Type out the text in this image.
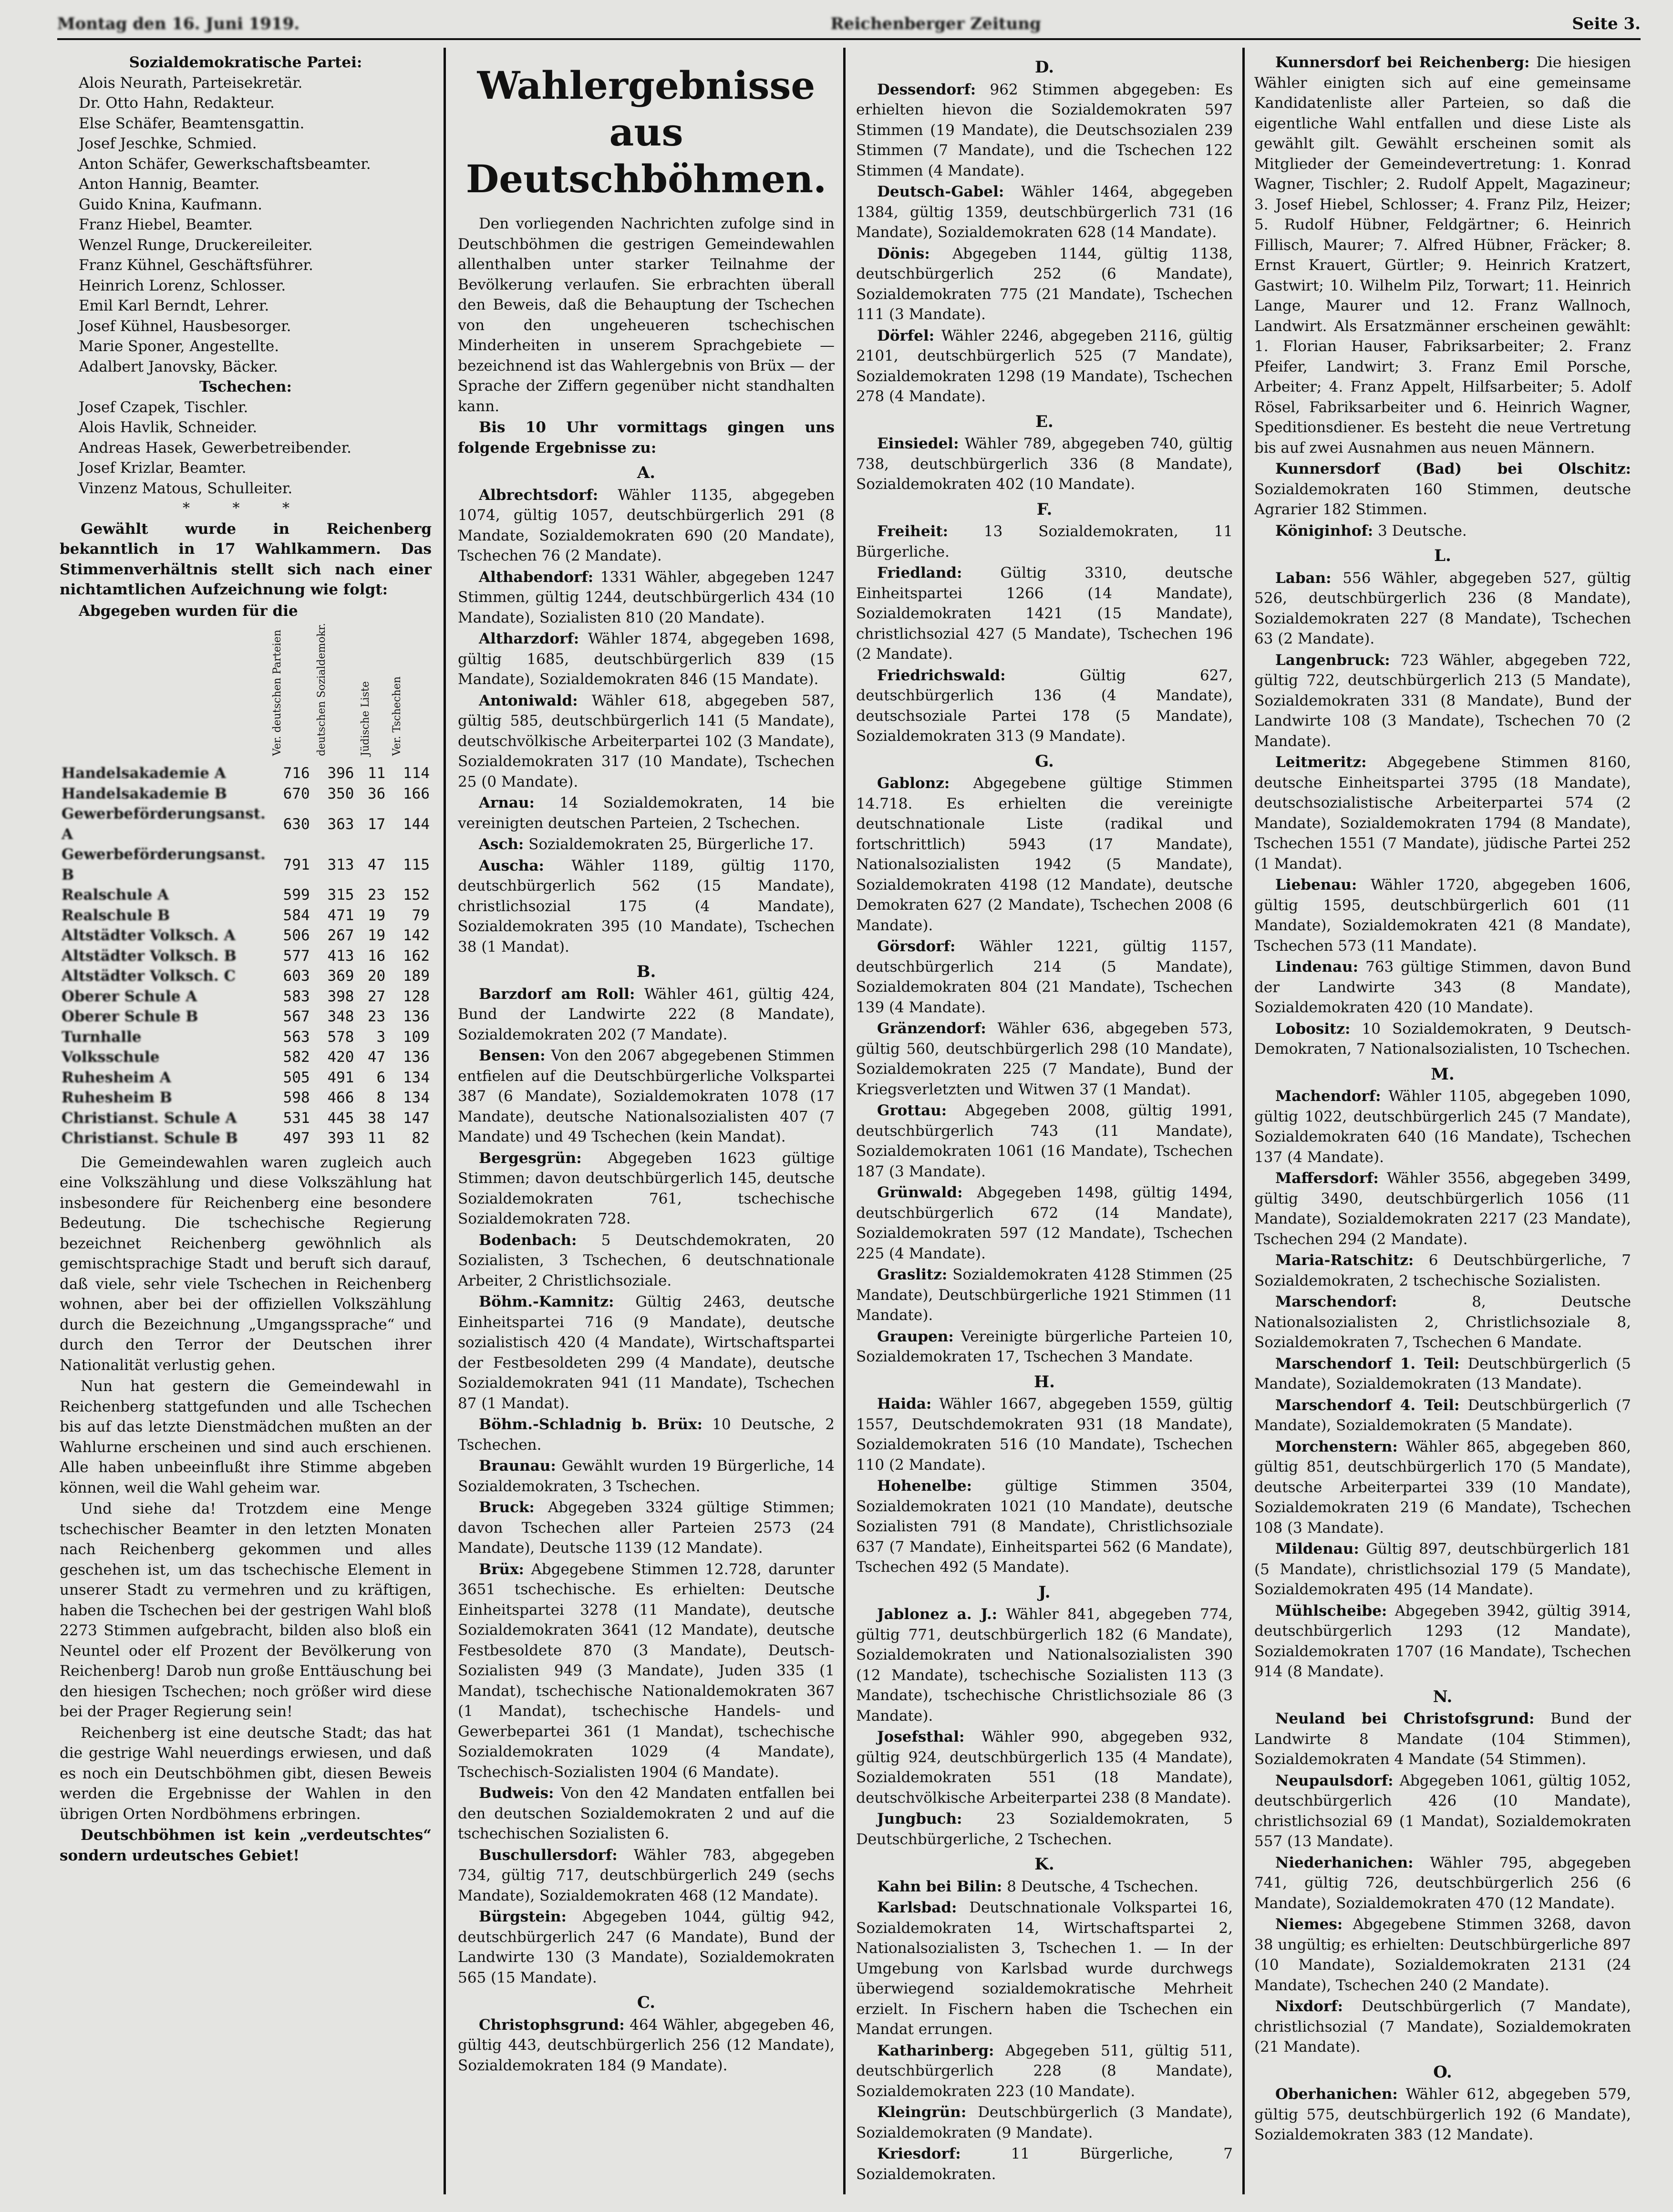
Montag den 16. Juni 1919.	Reichenberger Zeitung	Seite 3.
Sozialdemokratische Partei:
Alois Neurath, Parteisekretär.
Dr. Otto Hahn, Redakteur.
Else Schäfer, Beamtensgattin.
Josef Jeschke, Schmied.
Anton Schäfer, Gewerkschaftsbeamter.
Anton Hannig, Beamter.
Guido Knina, Kaufmann.
Franz Hiebel, Beamter.
Wenzel Runge, Druckereileiter.
Franz Kühnel, Geschäftsführer.
Heinrich Lorenz, Schlosser.
Emil Karl Berndt, Lehrer.
Josef Kühnel, Hausbesorger.
Marie Sponer, Angestellte.
Adalbert Janovsky, Bäcker.
Tschechen:
Josef Czapek, Tischler.
Alois Havlik, Schneider.
Andreas Hasek, Gewerbetreibender.
Josef Krizlar, Beamter.
Vinzenz Matous, Schulleiter.
* * *

Gewählt wurde in Reichenberg bekanntlich in 17 Wahlkammern. Das Stimmenverhältnis stellt sich nach einer nichtamtlichen Aufzeichnung wie folgt:

Abgegeben wurden für die

	Ver. deutschen Parteien	deutschen Sozialdemokr.	Jüdische Liste	Ver. Tschechen
Handelsakademie A	716	396	11	114
Handelsakademie B	670	350	36	166
Gewerbeförderungsanst. A	630	363	17	144
Gewerbeförderungsanst. B	791	313	47	115
Realschule A	599	315	23	152
Realschule B	584	471	19	79
Altstädter Volksch. A	506	267	19	142
Altstädter Volksch. B	577	413	16	162
Altstädter Volksch. C	603	369	20	189
Oberer Schule A	583	398	27	128
Oberer Schule B	567	348	23	136
Turnhalle	563	578	3	109
Volksschule	582	420	47	136
Ruhesheim A	505	491	6	134
Ruhesheim B	598	466	8	134
Christianst. Schule A	531	445	38	147
Christianst. Schule B	497	393	11	82

Die Gemeindewahlen waren zugleich auch eine Volkszählung und diese Volkszählung hat insbesondere für Reichenberg eine besondere Bedeutung. Die tschechische Regierung bezeichnet Reichenberg gewöhnlich als gemischtsprachige Stadt und beruft sich darauf, daß viele, sehr viele Tschechen in Reichenberg wohnen, aber bei der offiziellen Volkszählung durch die Bezeichnung „Umgangssprache“ und durch den Terror der Deutschen ihrer Nationalität verlustig gehen.

Nun hat gestern die Gemeindewahl in Reichenberg stattgefunden und alle Tschechen bis auf das letzte Dienstmädchen mußten an der Wahlurne erscheinen und sind auch erschienen. Alle haben unbeeinflußt ihre Stimme abgeben können, weil die Wahl geheim war.

Und siehe da! Trotzdem eine Menge tschechischer Beamter in den letzten Monaten nach Reichenberg gekommen und alles geschehen ist, um das tschechische Element in unserer Stadt zu vermehren und zu kräftigen, haben die Tschechen bei der gestrigen Wahl bloß 2273 Stimmen aufgebracht, bilden also bloß ein Neuntel oder elf Prozent der Bevölkerung von Reichenberg! Darob nun große Enttäuschung bei den hiesigen Tschechen; noch größer wird diese bei der Prager Regierung sein!

Reichenberg ist eine deutsche Stadt; das hat die gestrige Wahl neuerdings erwiesen, und daß es noch ein Deutschböhmen gibt, diesen Beweis werden die Ergebnisse der Wahlen in den übrigen Orten Nordböhmens erbringen.

Deutschböhmen ist kein „verdeutschtes“ sondern urdeutsches Gebiet!

Wahlergebnisse aus Deutschböhmen.

Den vorliegenden Nachrichten zufolge sind in Deutschböhmen die gestrigen Gemeindewahlen allenthalben unter starker Teilnahme der Bevölkerung verlaufen. Sie erbrachten überall den Beweis, daß die Behauptung der Tschechen von den ungeheueren tschechischen Minderheiten in unserem Sprachgebiete — bezeichnend ist das Wahlergebnis von Brüx — der Sprache der Ziffern gegenüber nicht standhalten kann.

Bis 10 Uhr vormittags gingen uns folgende Ergebnisse zu:

A.

Albrechtsdorf: Wähler 1135, abgegeben 1074, gültig 1057, deutschbürgerlich 291 (8 Mandate, Sozialdemokraten 690 (20 Mandate), Tschechen 76 (2 Mandate).

Althabendorf: 1331 Wähler, abgegeben 1247 Stimmen, gültig 1244, deutschbürgerlich 434 (10 Mandate), Sozialisten 810 (20 Mandate).

Altharzdorf: Wähler 1874, abgegeben 1698, gültig 1685, deutschbürgerlich 839 (15 Mandate), Sozialdemokraten 846 (15 Mandate).

Antoniwald: Wähler 618, abgegeben 587, gültig 585, deutschbürgerlich 141 (5 Mandate), deutschvölkische Arbeiterpartei 102 (3 Mandate), Sozialdemokraten 317 (10 Mandate), Tschechen 25 (0 Mandate).

Arnau: 14 Sozialdemokraten, 14 bie vereinigten deutschen Parteien, 2 Tschechen.

Asch: Sozialdemokraten 25, Bürgerliche 17.

Auscha: Wähler 1189, gültig 1170, deutschbürgerlich 562 (15 Mandate), christlichsozial 175 (4 Mandate), Sozialdemokraten 395 (10 Mandate), Tschechen 38 (1 Mandat).

B.

Barzdorf am Roll: Wähler 461, gültig 424, Bund der Landwirte 222 (8 Mandate), Sozialdemokraten 202 (7 Mandate).

Bensen: Von den 2067 abgegebenen Stimmen entfielen auf die Deutschbürgerliche Volkspartei 387 (6 Mandate), Sozialdemokraten 1078 (17 Mandate), deutsche Nationalsozialisten 407 (7 Mandate) und 49 Tschechen (kein Mandat).

Bergesgrün: Abgegeben 1623 gültige Stimmen; davon deutschbürgerlich 145, deutsche Sozialdemokraten 761, tschechische Sozialdemokraten 728.

Bodenbach: 5 Deutschdemokraten, 20 Sozialisten, 3 Tschechen, 6 deutschnationale Arbeiter, 2 Christlichsoziale.

Böhm.-Kamnitz: Gültig 2463, deutsche Einheitspartei 716 (9 Mandate), deutsche sozialistisch 420 (4 Mandate), Wirtschaftspartei der Festbesoldeten 299 (4 Mandate), deutsche Sozialdemokraten 941 (11 Mandate), Tschechen 87 (1 Mandat).

Böhm.-Schladnig b. Brüx: 10 Deutsche, 2 Tschechen.

Braunau: Gewählt wurden 19 Bürgerliche, 14 Sozialdemokraten, 3 Tschechen.

Bruck: Abgegeben 3324 gültige Stimmen; davon Tschechen aller Parteien 2573 (24 Mandate), Deutsche 1139 (12 Mandate).

Brüx: Abgegebene Stimmen 12.728, darunter 3651 tschechische. Es erhielten: Deutsche Einheitspartei 3278 (11 Mandate), deutsche Sozialdemokraten 3641 (12 Mandate), deutsche Festbesoldete 870 (3 Mandate), Deutsch-Sozialisten 949 (3 Mandate), Juden 335 (1 Mandat), tschechische Nationaldemokraten 367 (1 Mandat), tschechische Handels- und Gewerbepartei 361 (1 Mandat), tschechische Sozialdemokraten 1029 (4 Mandate), Tschechisch-Sozialisten 1904 (6 Mandate).

Budweis: Von den 42 Mandaten entfallen bei den deutschen Sozialdemokraten 2 und auf die tschechischen Sozialisten 6.

Buschullersdorf: Wähler 783, abgegeben 734, gültig 717, deutschbürgerlich 249 (sechs Mandate), Sozialdemokraten 468 (12 Mandate).

Bürgstein: Abgegeben 1044, gültig 942, deutschbürgerlich 247 (6 Mandate), Bund der Landwirte 130 (3 Mandate), Sozialdemokraten 565 (15 Mandate).

C.

Christophsgrund: 464 Wähler, abgegeben 46, gültig 443, deutschbürgerlich 256 (12 Mandate), Sozialdemokraten 184 (9 Mandate).

D.

Dessendorf: 962 Stimmen abgegeben: Es erhielten hievon die Sozialdemokraten 597 Stimmen (19 Mandate), die Deutschsozialen 239 Stimmen (7 Mandate), und die Tschechen 122 Stimmen (4 Mandate).

Deutsch-Gabel: Wähler 1464, abgegeben 1384, gültig 1359, deutschbürgerlich 731 (16 Mandate), Sozialdemokraten 628 (14 Mandate).

Dönis: Abgegeben 1144, gültig 1138, deutschbürgerlich 252 (6 Mandate), Sozialdemokraten 775 (21 Mandate), Tschechen 111 (3 Mandate).

Dörfel: Wähler 2246, abgegeben 2116, gültig 2101, deutschbürgerlich 525 (7 Mandate), Sozialdemokraten 1298 (19 Mandate), Tschechen 278 (4 Mandate).

E.

Einsiedel: Wähler 789, abgegeben 740, gültig 738, deutschbürgerlich 336 (8 Mandate), Sozialdemokraten 402 (10 Mandate).

F.

Freiheit: 13 Sozialdemokraten, 11 Bürgerliche.

Friedland: Gültig 3310, deutsche Einheitspartei 1266 (14 Mandate), Sozialdemokraten 1421 (15 Mandate), christlichsozial 427 (5 Mandate), Tschechen 196 (2 Mandate).

Friedrichswald: Gültig 627, deutschbürgerlich 136 (4 Mandate), deutschsoziale Partei 178 (5 Mandate), Sozialdemokraten 313 (9 Mandate).

G.

Gablonz: Abgegebene gültige Stimmen 14.718. Es erhielten die vereinigte deutschnationale Liste (radikal und fortschrittlich) 5943 (17 Mandate), Nationalsozialisten 1942 (5 Mandate), Sozialdemokraten 4198 (12 Mandate), deutsche Demokraten 627 (2 Mandate), Tschechen 2008 (6 Mandate).

Görsdorf: Wähler 1221, gültig 1157, deutschbürgerlich 214 (5 Mandate), Sozialdemokraten 804 (21 Mandate), Tschechen 139 (4 Mandate).

Gränzendorf: Wähler 636, abgegeben 573, gültig 560, deutschbürgerlich 298 (10 Mandate), Sozialdemokraten 225 (7 Mandate), Bund der Kriegsverletzten und Witwen 37 (1 Mandat).

Grottau: Abgegeben 2008, gültig 1991, deutschbürgerlich 743 (11 Mandate), Sozialdemokraten 1061 (16 Mandate), Tschechen 187 (3 Mandate).

Grünwald: Abgegeben 1498, gültig 1494, deutschbürgerlich 672 (14 Mandate), Sozialdemokraten 597 (12 Mandate), Tschechen 225 (4 Mandate).

Graslitz: Sozialdemokraten 4128 Stimmen (25 Mandate), Deutschbürgerliche 1921 Stimmen (11 Mandate).

Graupen: Vereinigte bürgerliche Parteien 10, Sozialdemokraten 17, Tschechen 3 Mandate.

H.

Haida: Wähler 1667, abgegeben 1559, gültig 1557, Deutschdemokraten 931 (18 Mandate), Sozialdemokraten 516 (10 Mandate), Tschechen 110 (2 Mandate).

Hohenelbe: gültige Stimmen 3504, Sozialdemokraten 1021 (10 Mandate), deutsche Sozialisten 791 (8 Mandate), Christlichsoziale 637 (7 Mandate), Einheitspartei 562 (6 Mandate), Tschechen 492 (5 Mandate).

J.

Jablonez a. J.: Wähler 841, abgegeben 774, gültig 771, deutschbürgerlich 182 (6 Mandate), Sozialdemokraten und Nationalsozialisten 390 (12 Mandate), tschechische Sozialisten 113 (3 Mandate), tschechische Christlichsoziale 86 (3 Mandate).

Josefsthal: Wähler 990, abgegeben 932, gültig 924, deutschbürgerlich 135 (4 Mandate), Sozialdemokraten 551 (18 Mandate), deutschvölkische Arbeiterpartei 238 (8 Mandate).

Jungbuch: 23 Sozialdemokraten, 5 Deutschbürgerliche, 2 Tschechen.

K.

Kahn bei Bilin: 8 Deutsche, 4 Tschechen.

Karlsbad: Deutschnationale Volkspartei 16, Sozialdemokraten 14, Wirtschaftspartei 2, Nationalsozialisten 3, Tschechen 1. — In der Umgebung von Karlsbad wurde durchwegs überwiegend sozialdemokratische Mehrheit erzielt. In Fischern haben die Tschechen ein Mandat errungen.

Katharinberg: Abgegeben 511, gültig 511, deutschbürgerlich 228 (8 Mandate), Sozialdemokraten 223 (10 Mandate).

Kleingrün: Deutschbürgerlich (3 Mandate), Sozialdemokraten (9 Mandate).

Kriesdorf: 11 Bürgerliche, 7 Sozialdemokraten.

Kunnersdorf bei Reichenberg: Die hiesigen Wähler einigten sich auf eine gemeinsame Kandidatenliste aller Parteien, so daß die eigentliche Wahl entfallen und diese Liste als gewählt gilt. Gewählt erscheinen somit als Mitglieder der Gemeindevertretung: 1. Konrad Wagner, Tischler; 2. Rudolf Appelt, Magazineur; 3. Josef Hiebel, Schlosser; 4. Franz Pilz, Heizer; 5. Rudolf Hübner, Feldgärtner; 6. Heinrich Fillisch, Maurer; 7. Alfred Hübner, Fräcker; 8. Ernst Krauert, Gürtler; 9. Heinrich Kratzert, Gastwirt; 10. Wilhelm Pilz, Torwart; 11. Heinrich Lange, Maurer und 12. Franz Wallnoch, Landwirt. Als Ersatzmänner erscheinen gewählt: 1. Florian Hauser, Fabriksarbeiter; 2. Franz Pfeifer, Landwirt; 3. Franz Emil Porsche, Arbeiter; 4. Franz Appelt, Hilfsarbeiter; 5. Adolf Rösel, Fabriksarbeiter und 6. Heinrich Wagner, Speditionsdiener. Es besteht die neue Vertretung bis auf zwei Ausnahmen aus neuen Männern.

Kunnersdorf (Bad) bei Olschitz: Sozialdemokraten 160 Stimmen, deutsche Agrarier 182 Stimmen.

Königinhof: 3 Deutsche.

L.

Laban: 556 Wähler, abgegeben 527, gültig 526, deutschbürgerlich 236 (8 Mandate), Sozialdemokraten 227 (8 Mandate), Tschechen 63 (2 Mandate).

Langenbruck: 723 Wähler, abgegeben 722, gültig 722, deutschbürgerlich 213 (5 Mandate), Sozialdemokraten 331 (8 Mandate), Bund der Landwirte 108 (3 Mandate), Tschechen 70 (2 Mandate).

Leitmeritz: Abgegebene Stimmen 8160, deutsche Einheitspartei 3795 (18 Mandate), deutschsozialistische Arbeiterpartei 574 (2 Mandate), Sozialdemokraten 1794 (8 Mandate), Tschechen 1551 (7 Mandate), jüdische Partei 252 (1 Mandat).

Liebenau: Wähler 1720, abgegeben 1606, gültig 1595, deutschbürgerlich 601 (11 Mandate), Sozialdemokraten 421 (8 Mandate), Tschechen 573 (11 Mandate).

Lindenau: 763 gültige Stimmen, davon Bund der Landwirte 343 (8 Mandate), Sozialdemokraten 420 (10 Mandate).

Lobositz: 10 Sozialdemokraten, 9 Deutsch-Demokraten, 7 Nationalsozialisten, 10 Tschechen.

M.

Machendorf: Wähler 1105, abgegeben 1090, gültig 1022, deutschbürgerlich 245 (7 Mandate), Sozialdemokraten 640 (16 Mandate), Tschechen 137 (4 Mandate).

Maffersdorf: Wähler 3556, abgegeben 3499, gültig 3490, deutschbürgerlich 1056 (11 Mandate), Sozialdemokraten 2217 (23 Mandate), Tschechen 294 (2 Mandate).

Maria-Ratschitz: 6 Deutschbürgerliche, 7 Sozialdemokraten, 2 tschechische Sozialisten.

Marschendorf: 8, Deutsche Nationalsozialisten 2, Christlichsoziale 8, Sozialdemokraten 7, Tschechen 6 Mandate.

Marschendorf 1. Teil: Deutschbürgerlich (5 Mandate), Sozialdemokraten (13 Mandate).

Marschendorf 4. Teil: Deutschbürgerlich (7 Mandate), Sozialdemokraten (5 Mandate).

Morchenstern: Wähler 865, abgegeben 860, gültig 851, deutschbürgerlich 170 (5 Mandate), deutsche Arbeiterpartei 339 (10 Mandate), Sozialdemokraten 219 (6 Mandate), Tschechen 108 (3 Mandate).

Mildenau: Gültig 897, deutschbürgerlich 181 (5 Mandate), christlichsozial 179 (5 Mandate), Sozialdemokraten 495 (14 Mandate).

Mühlscheibe: Abgegeben 3942, gültig 3914, deutschbürgerlich 1293 (12 Mandate), Sozialdemokraten 1707 (16 Mandate), Tschechen 914 (8 Mandate).

N.

Neuland bei Christofsgrund: Bund der Landwirte 8 Mandate (104 Stimmen), Sozialdemokraten 4 Mandate (54 Stimmen).

Neupaulsdorf: Abgegeben 1061, gültig 1052, deutschbürgerlich 426 (10 Mandate), christlichsozial 69 (1 Mandat), Sozialdemokraten 557 (13 Mandate).

Niederhanichen: Wähler 795, abgegeben 741, gültig 726, deutschbürgerlich 256 (6 Mandate), Sozialdemokraten 470 (12 Mandate).

Niemes: Abgegebene Stimmen 3268, davon 38 ungültig; es erhielten: Deutschbürgerliche 897 (10 Mandate), Sozialdemokraten 2131 (24 Mandate), Tschechen 240 (2 Mandate).

Nixdorf: Deutschbürgerlich (7 Mandate), christlichsozial (7 Mandate), Sozialdemokraten (21 Mandate).

O.

Oberhanichen: Wähler 612, abgegeben 579, gültig 575, deutschbürgerlich 192 (6 Mandate), Sozialdemokraten 383 (12 Mandate).
